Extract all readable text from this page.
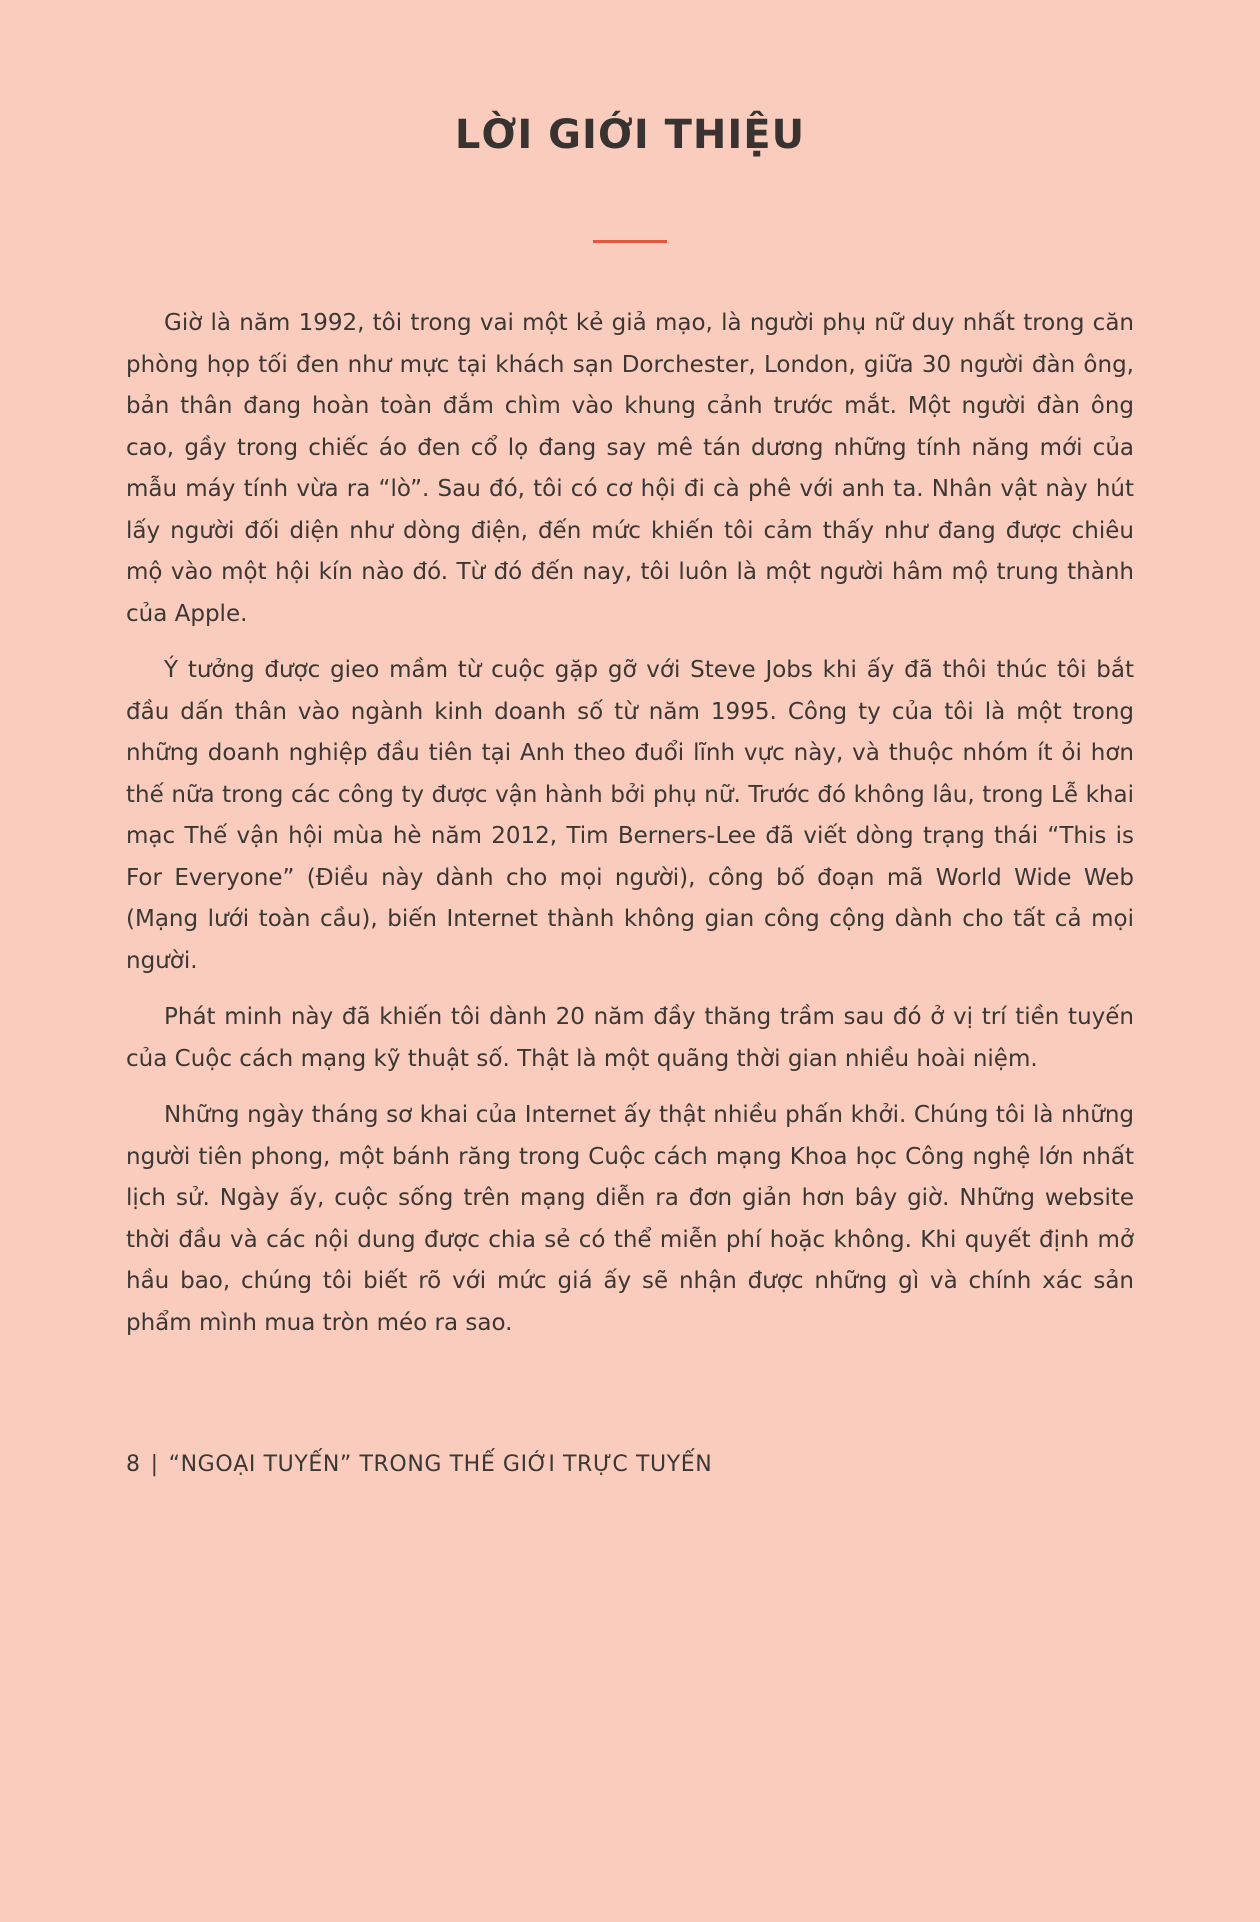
LỜI GIỚI THIỆU

Giờ là năm 1992, tôi trong vai một kẻ giả mạo, là người phụ nữ duy nhất trong căn phòng họp tối đen như mực tại khách sạn Dorchester, London, giữa 30 người đàn ông, bản thân đang hoàn toàn đắm chìm vào khung cảnh trước mắt. Một người đàn ông cao, gầy trong chiếc áo đen cổ lọ đang say mê tán dương những tính năng mới của mẫu máy tính vừa ra “lò”. Sau đó, tôi có cơ hội đi cà phê với anh ta. Nhân vật này hút lấy người đối diện như dòng điện, đến mức khiến tôi cảm thấy như đang được chiêu mộ vào một hội kín nào đó. Từ đó đến nay, tôi luôn là một người hâm mộ trung thành của Apple.

Ý tưởng được gieo mầm từ cuộc gặp gỡ với Steve Jobs khi ấy đã thôi thúc tôi bắt đầu dấn thân vào ngành kinh doanh số từ năm 1995. Công ty của tôi là một trong những doanh nghiệp đầu tiên tại Anh theo đuổi lĩnh vực này, và thuộc nhóm ít ỏi hơn thế nữa trong các công ty được vận hành bởi phụ nữ. Trước đó không lâu, trong Lễ khai mạc Thế vận hội mùa hè năm 2012, Tim Berners-Lee đã viết dòng trạng thái “This is For Everyone” (Điều này dành cho mọi người), công bố đoạn mã World Wide Web (Mạng lưới toàn cầu), biến Internet thành không gian công cộng dành cho tất cả mọi người.

Phát minh này đã khiến tôi dành 20 năm đầy thăng trầm sau đó ở vị trí tiền tuyến của Cuộc cách mạng kỹ thuật số. Thật là một quãng thời gian nhiều hoài niệm.

Những ngày tháng sơ khai của Internet ấy thật nhiều phấn khởi. Chúng tôi là những người tiên phong, một bánh răng trong Cuộc cách mạng Khoa học Công nghệ lớn nhất lịch sử. Ngày ấy, cuộc sống trên mạng diễn ra đơn giản hơn bây giờ. Những website thời đầu và các nội dung được chia sẻ có thể miễn phí hoặc không. Khi quyết định mở hầu bao, chúng tôi biết rõ với mức giá ấy sẽ nhận được những gì và chính xác sản phẩm mình mua tròn méo ra sao.

8 | “NGOẠI TUYẾN” TRONG THẾ GIỚI TRỰC TUYẾN
